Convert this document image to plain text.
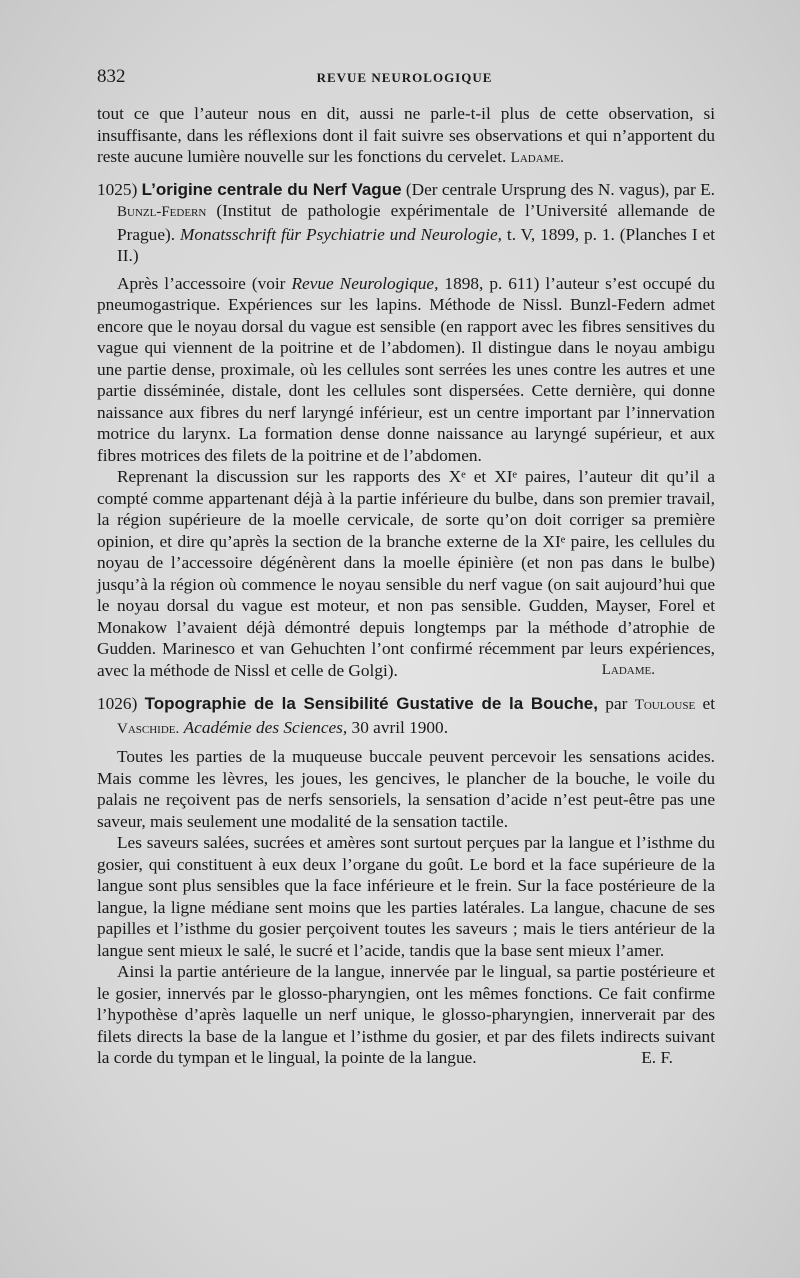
832	REVUE NEUROLOGIQUE

tout ce que l’auteur nous en dit, aussi ne parle-t-il plus de cette observation, si insuffisante, dans les réflexions dont il fait suivre ses observations et qui n’apportent du reste aucune lumière nouvelle sur les fonctions du cervelet. Ladame.

1025) L’origine centrale du Nerf Vague (Der centrale Ursprung des N. vagus), par E. Bunzl-Federn (Institut de pathologie expérimentale de l’Université allemande de Prague). Monatsschrift für Psychiatrie und Neurologie, t. V, 1899, p. 1. (Planches I et II.)

Après l’accessoire (voir Revue Neurologique, 1898, p. 611) l’auteur s’est occupé du pneumogastrique. Expériences sur les lapins. Méthode de Nissl. Bunzl-Federn admet encore que le noyau dorsal du vague est sensible (en rapport avec les fibres sensitives du vague qui viennent de la poitrine et de l’abdomen). Il distingue dans le noyau ambigu une partie dense, proximale, où les cellules sont serrées les unes contre les autres et une partie disséminée, distale, dont les cellules sont dispersées. Cette dernière, qui donne naissance aux fibres du nerf laryngé inférieur, est un centre important par l’innervation motrice du larynx. La formation dense donne naissance au laryngé supérieur, et aux fibres motrices des filets de la poitrine et de l’abdomen.

Reprenant la discussion sur les rapports des Xᵉ et XIᵉ paires, l’auteur dit qu’il a compté comme appartenant déjà à la partie inférieure du bulbe, dans son premier travail, la région supérieure de la moelle cervicale, de sorte qu’on doit corriger sa première opinion, et dire qu’après la section de la branche externe de la XIᵉ paire, les cellules du noyau de l’accessoire dégénèrent dans la moelle épinière (et non pas dans le bulbe) jusqu’à la région où commence le noyau sensible du nerf vague (on sait aujourd’hui que le noyau dorsal du vague est moteur, et non pas sensible. Gudden, Mayser, Forel et Monakow l’avaient déjà démontré depuis longtemps par la méthode d’atrophie de Gudden. Marinesco et van Gehuchten l’ont confirmé récemment par leurs expériences, avec la méthode de Nissl et celle de Golgi).	Ladame.

1026) Topographie de la Sensibilité Gustative de la Bouche, par Toulouse et Vaschide. Académie des Sciences, 30 avril 1900.

Toutes les parties de la muqueuse buccale peuvent percevoir les sensations acides. Mais comme les lèvres, les joues, les gencives, le plancher de la bouche, le voile du palais ne reçoivent pas de nerfs sensoriels, la sensation d’acide n’est peut-être pas une saveur, mais seulement une modalité de la sensation tactile.

Les saveurs salées, sucrées et amères sont surtout perçues par la langue et l’isthme du gosier, qui constituent à eux deux l’organe du goût. Le bord et la face supérieure de la langue sont plus sensibles que la face inférieure et le frein. Sur la face postérieure de la langue, la ligne médiane sent moins que les parties latérales. La langue, chacune de ses papilles et l’isthme du gosier perçoivent toutes les saveurs ; mais le tiers antérieur de la langue sent mieux le salé, le sucré et l’acide, tandis que la base sent mieux l’amer.

Ainsi la partie antérieure de la langue, innervée par le lingual, sa partie postérieure et le gosier, innervés par le glosso-pharyngien, ont les mêmes fonctions. Ce fait confirme l’hypothèse d’après laquelle un nerf unique, le glosso-pharyngien, innerverait par des filets directs la base de la langue et l’isthme du gosier, et par des filets indirects suivant la corde du tympan et le lingual, la pointe de la langue.	E. F.
